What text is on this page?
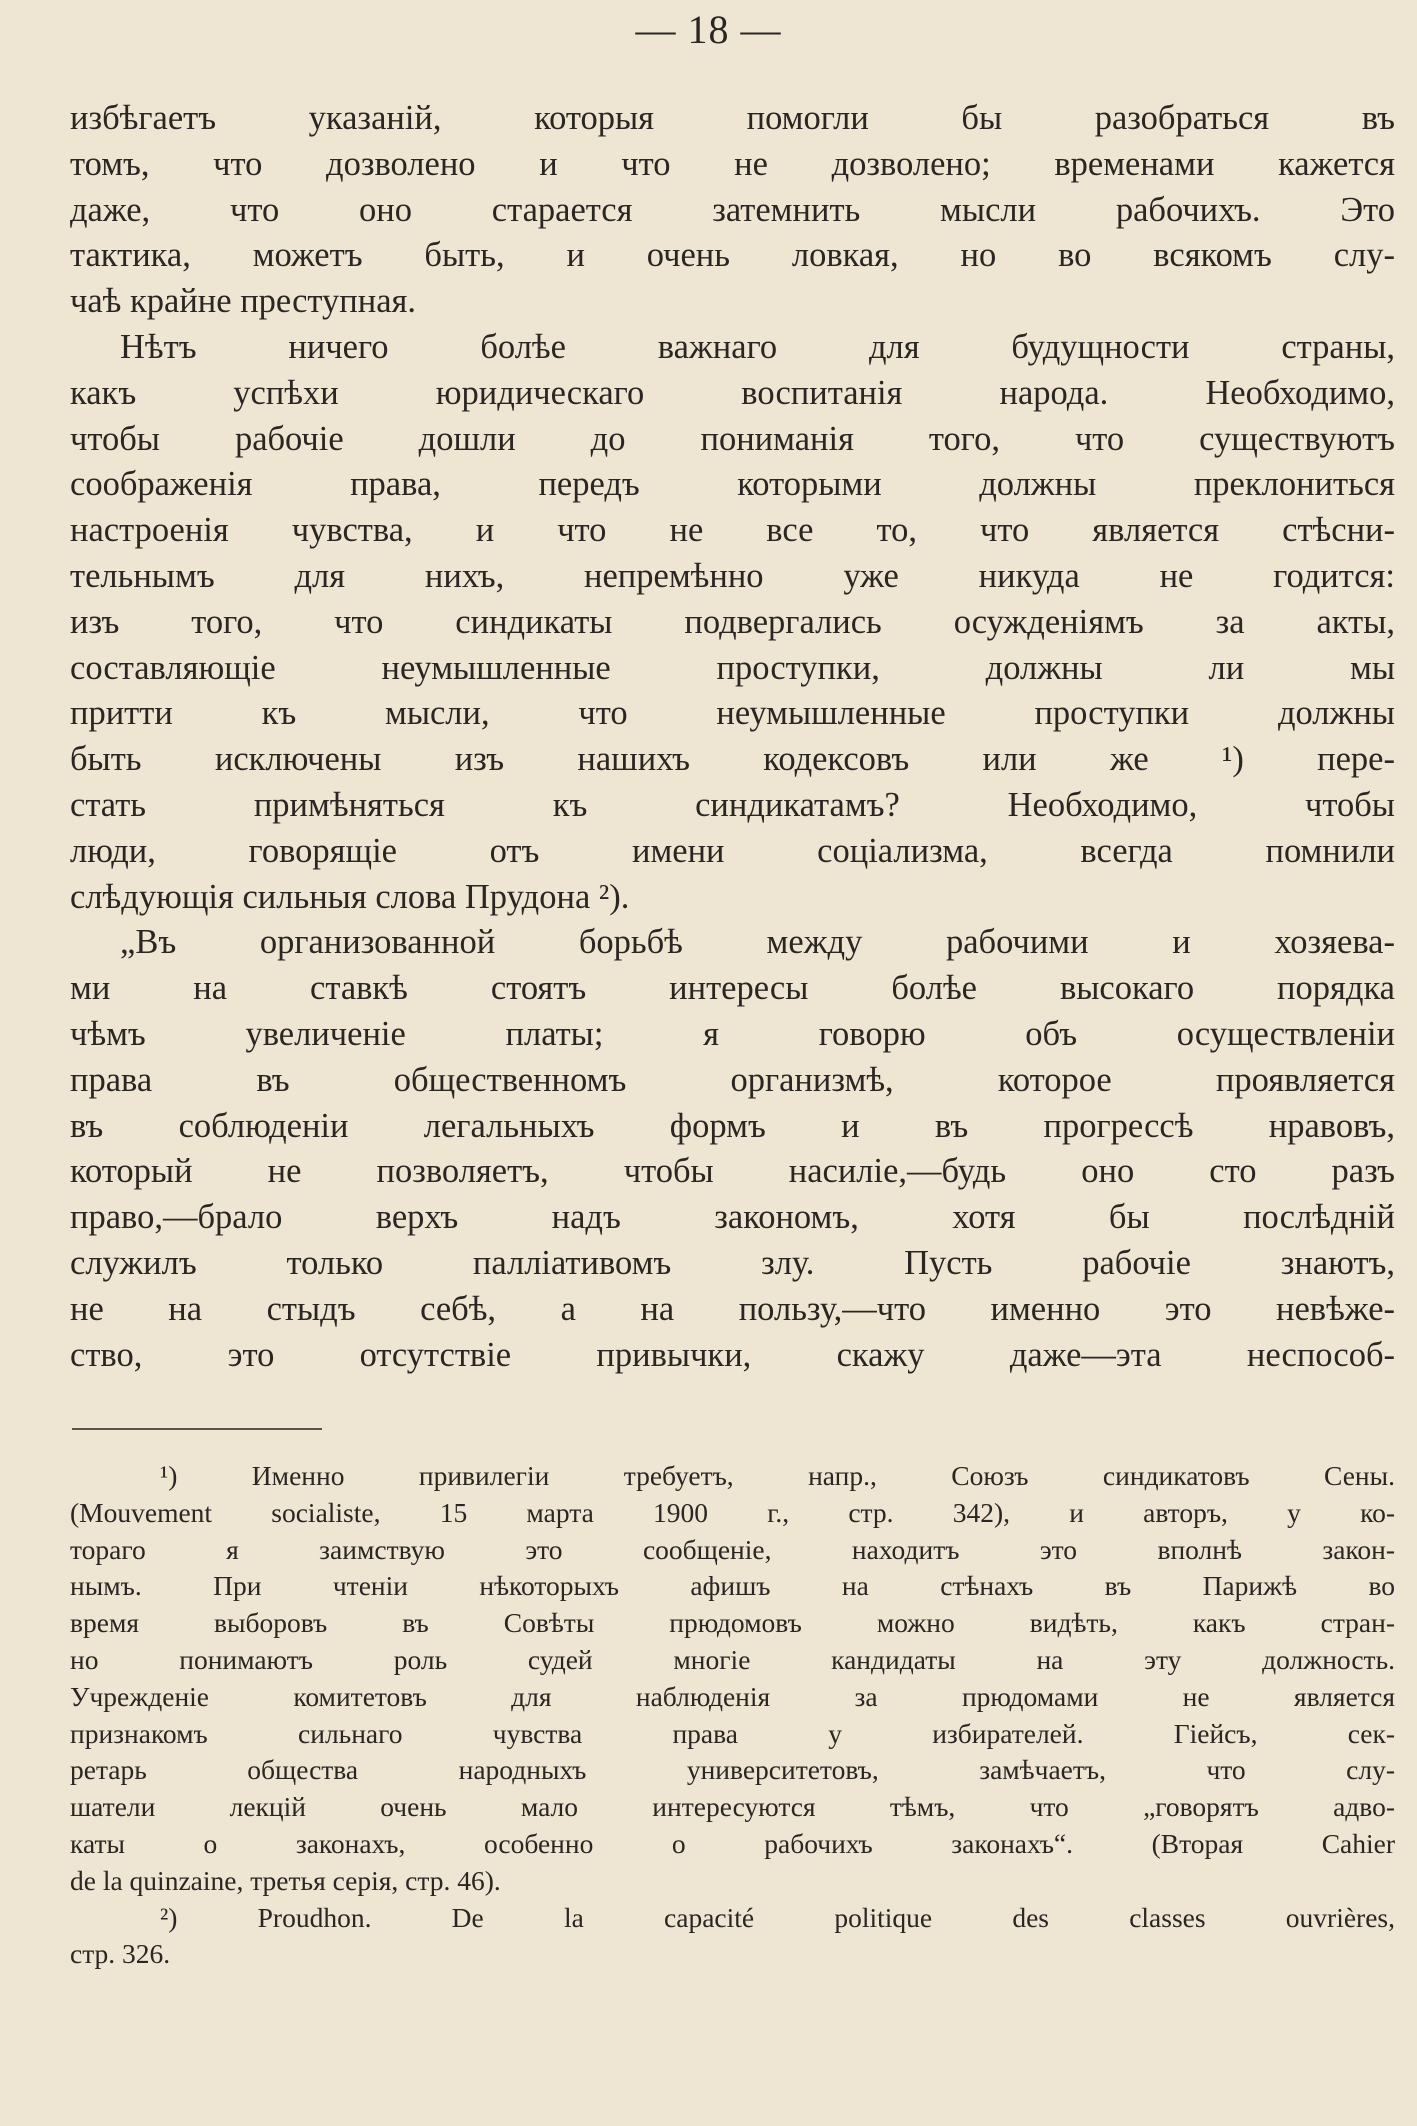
— 18 —
избѣгаетъ указаній, которыя помогли бы разобраться въ
томъ, что дозволено и что не дозволено; временами кажется
даже, что оно старается затемнить мысли рабочихъ. Это
тактика, можетъ быть, и очень ловкая, но во всякомъ слу-
чаѣ крайне преступная.
Нѣтъ ничего болѣе важнаго для будущности страны,
какъ успѣхи юридическаго воспитанія народа. Необходимо,
чтобы рабочіе дошли до пониманія того, что существуютъ
соображенія права, передъ которыми должны преклониться
настроенія чувства, и что не все то, что является стѣсни-
тельнымъ для нихъ, непремѣнно уже никуда не годится:
изъ того, что синдикаты подвергались осужденіямъ за акты,
составляющіе неумышленные проступки, должны ли мы
притти къ мысли, что неумышленные проступки должны
быть исключены изъ нашихъ кодексовъ или же ¹) пере-
стать примѣняться къ синдикатамъ? Необходимо, чтобы
люди, говорящіе отъ имени соціализма, всегда помнили
слѣдующія сильныя слова Прудона ²).
„Въ организованной борьбѣ между рабочими и хозяева-
ми на ставкѣ стоятъ интересы болѣе высокаго порядка
чѣмъ увеличеніе платы; я говорю объ осуществленіи
права въ общественномъ организмѣ, которое проявляется
въ соблюденіи легальныхъ формъ и въ прогрессѣ нравовъ,
который не позволяетъ, чтобы насиліе,—будь оно сто разъ
право,—брало верхъ надъ закономъ, хотя бы послѣдній
служилъ только палліативомъ злу. Пусть рабочіе знаютъ,
не на стыдъ себѣ, а на пользу,—что именно это невѣже-
ство, это отсутствіе привычки, скажу даже—эта неспособ-
¹) Именно привилегіи требуетъ, напр., Союзъ синдикатовъ Сены.
(Mouvement socialiste, 15 марта 1900 г., стр. 342), и авторъ, у ко-
тораго я заимствую это сообщеніе, находитъ это вполнѣ закон-
нымъ. При чтеніи нѣкоторыхъ афишъ на стѣнахъ въ Парижѣ во
время выборовъ въ Совѣты прюдомовъ можно видѣть, какъ стран-
но понимаютъ роль судей многіе кандидаты на эту должность.
Учрежденіе комитетовъ для наблюденія за прюдомами не является
признакомъ сильнаго чувства права у избирателей. Гіейсъ, сек-
ретарь общества народныхъ университетовъ, замѣчаетъ, что слу-
шатели лекцій очень мало интересуются тѣмъ, что „говорятъ адво-
каты о законахъ, особенно о рабочихъ законахъ“. (Вторая Cahier
de la quinzaine, третья серія, стр. 46).
²) Proudhon. De la capacité politique des classes ouvrières,
стр. 326.
